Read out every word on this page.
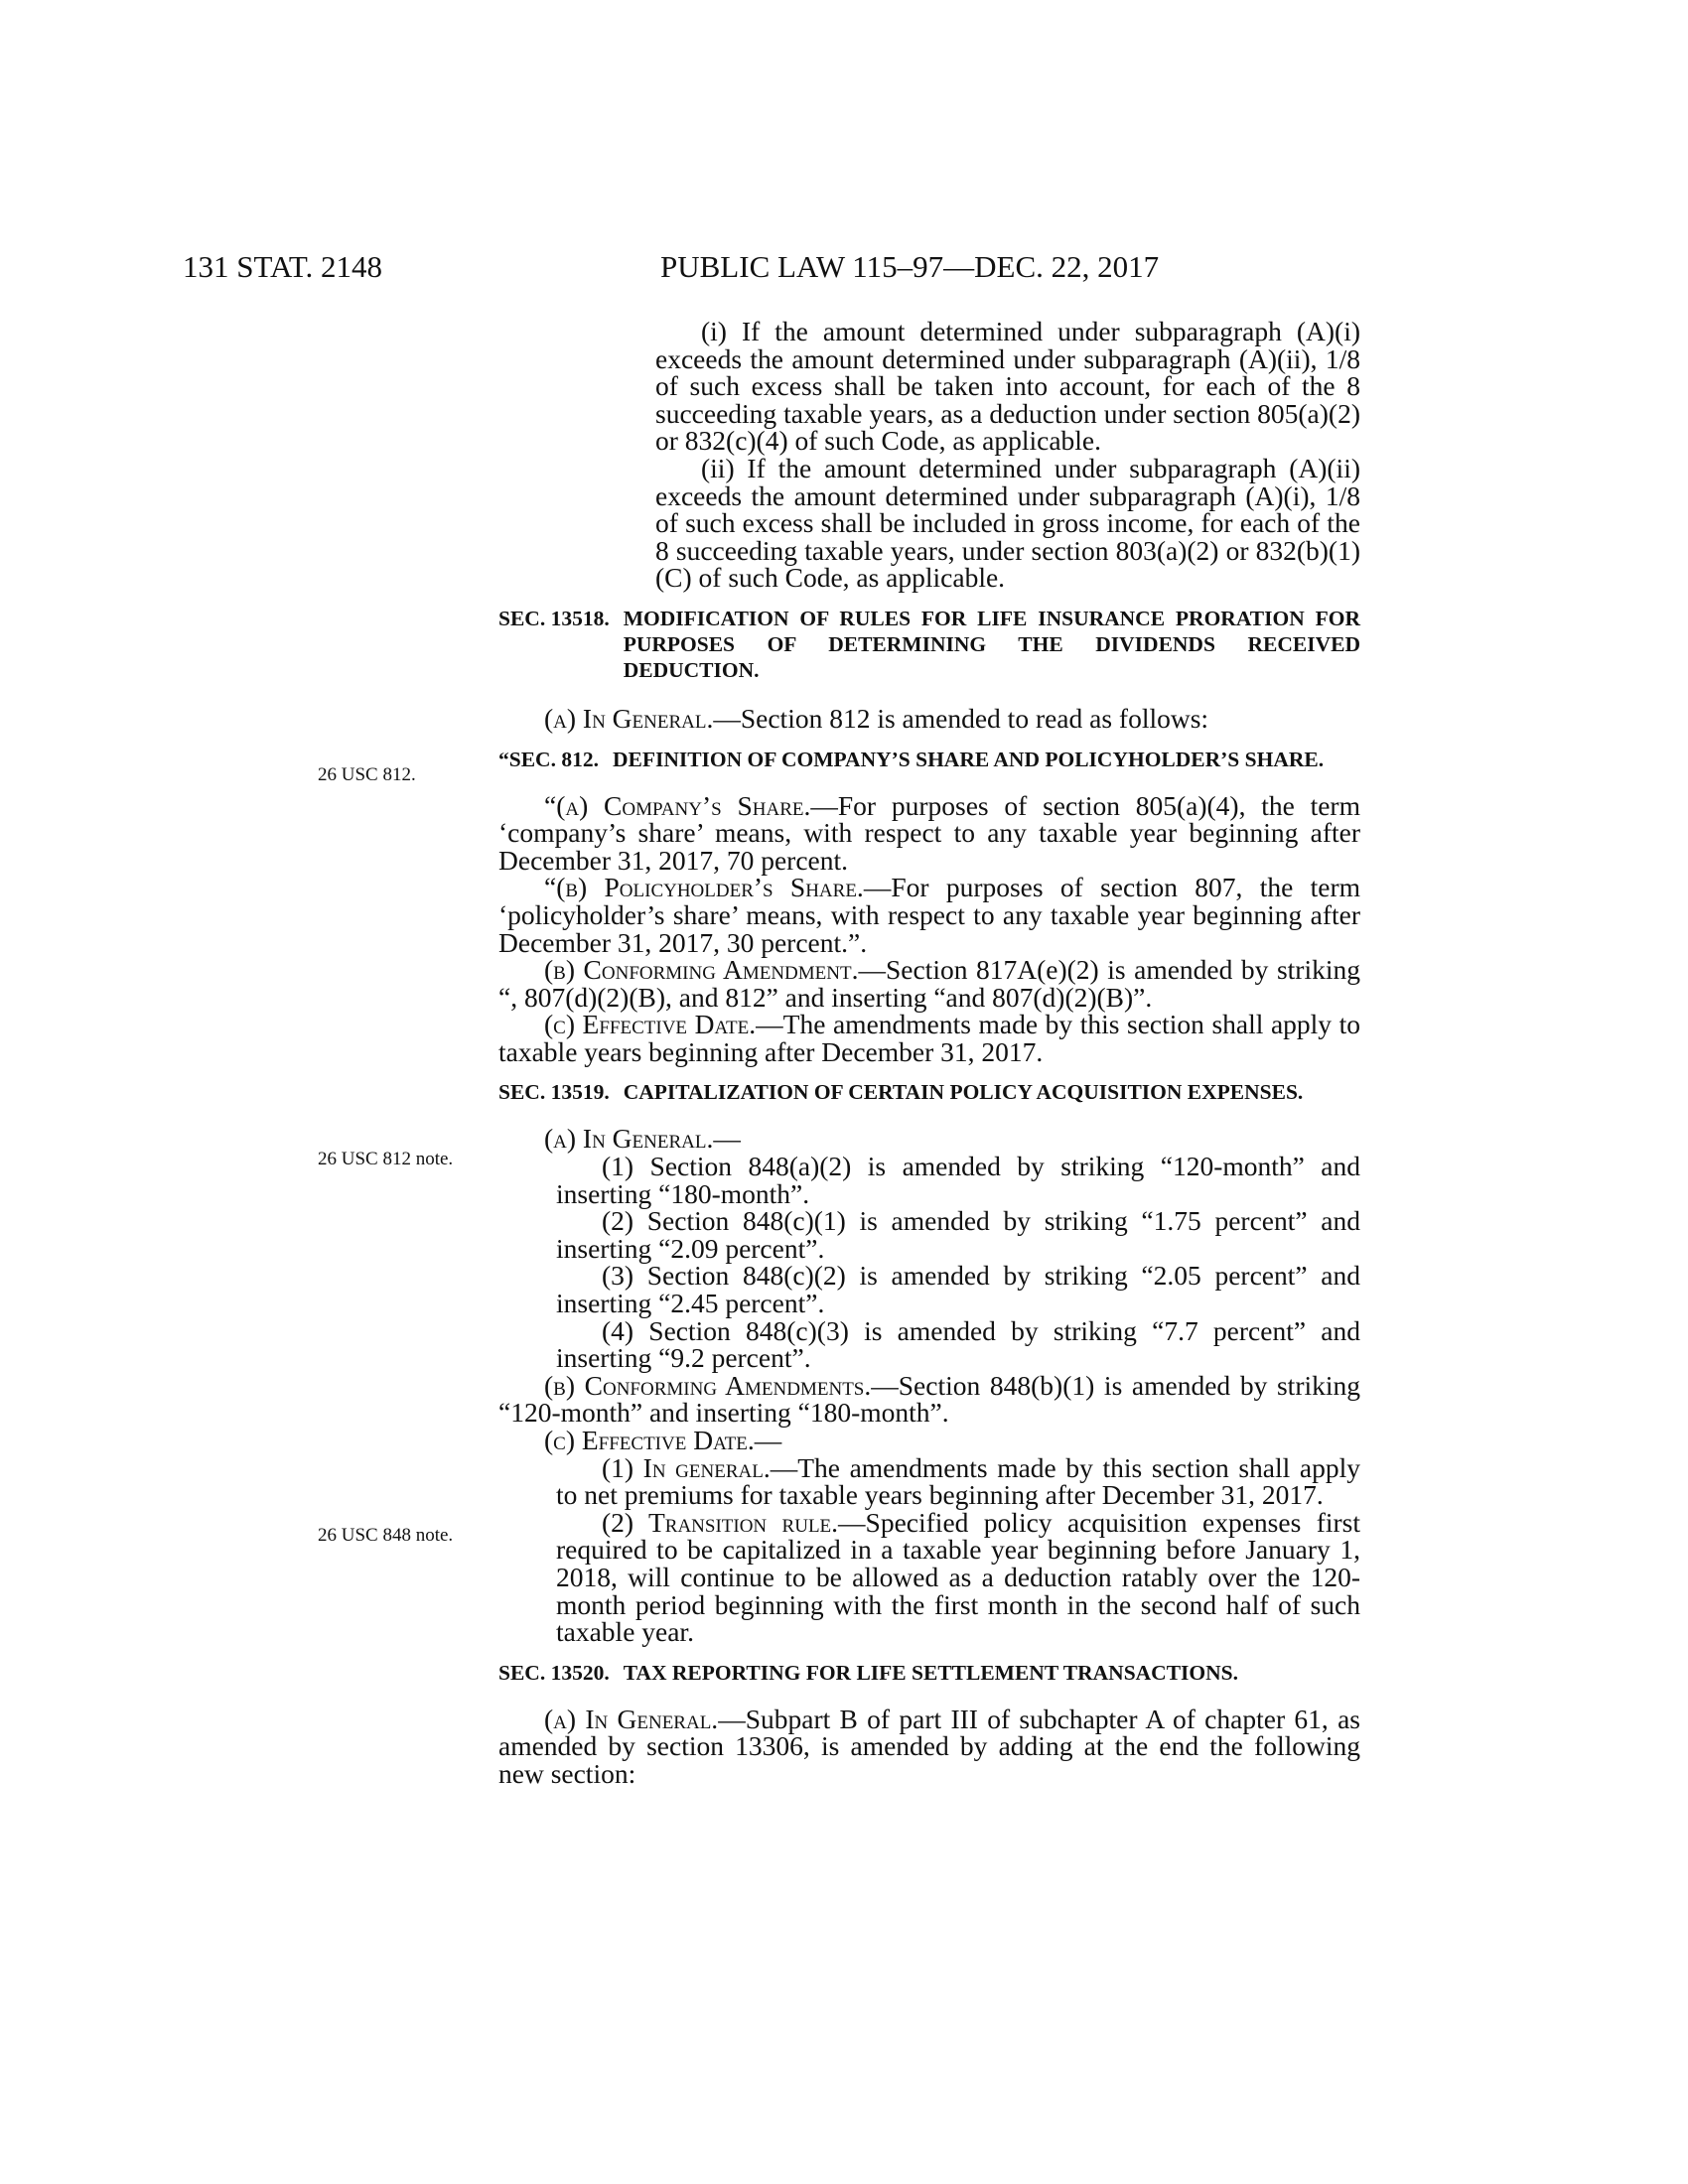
131 STAT. 2148	PUBLIC LAW 115–97—DEC. 22, 2017
26 USC 812.
26 USC 812 note.
26 USC 848 note.
(i) If the amount determined under subparagraph (A)(i) exceeds the amount determined under subparagraph (A)(ii), 1/8 of such excess shall be taken into account, for each of the 8 succeeding taxable years, as a deduction under section 805(a)(2) or 832(c)(4) of such Code, as applicable.
(ii) If the amount determined under subparagraph (A)(ii) exceeds the amount determined under subparagraph (A)(i), 1/8 of such excess shall be included in gross income, for each of the 8 succeeding taxable years, under section 803(a)(2) or 832(b)(1)(C) of such Code, as applicable.
SEC. 13518. MODIFICATION OF RULES FOR LIFE INSURANCE PRORATION FOR PURPOSES OF DETERMINING THE DIVIDENDS RECEIVED DEDUCTION.
(a) In General.—Section 812 is amended to read as follows:
“SEC. 812. DEFINITION OF COMPANY’S SHARE AND POLICYHOLDER’S SHARE.
“(a) Company’s Share.—For purposes of section 805(a)(4), the term ‘company’s share’ means, with respect to any taxable year beginning after December 31, 2017, 70 percent.
“(b) Policyholder’s Share.—For purposes of section 807, the term ‘policyholder’s share’ means, with respect to any taxable year beginning after December 31, 2017, 30 percent.”.
(b) Conforming Amendment.—Section 817A(e)(2) is amended by striking “, 807(d)(2)(B), and 812” and inserting “and 807(d)(2)(B)”.
(c) Effective Date.—The amendments made by this section shall apply to taxable years beginning after December 31, 2017.
SEC. 13519. CAPITALIZATION OF CERTAIN POLICY ACQUISITION EXPENSES.
(a) In General.—
(1) Section 848(a)(2) is amended by striking “120-month” and inserting “180-month”.
(2) Section 848(c)(1) is amended by striking “1.75 percent” and inserting “2.09 percent”.
(3) Section 848(c)(2) is amended by striking “2.05 percent” and inserting “2.45 percent”.
(4) Section 848(c)(3) is amended by striking “7.7 percent” and inserting “9.2 percent”.
(b) Conforming Amendments.—Section 848(b)(1) is amended by striking “120-month” and inserting “180-month”.
(c) Effective Date.—
(1) In general.—The amendments made by this section shall apply to net premiums for taxable years beginning after December 31, 2017.
(2) Transition rule.—Specified policy acquisition expenses first required to be capitalized in a taxable year beginning before January 1, 2018, will continue to be allowed as a deduction ratably over the 120-month period beginning with the first month in the second half of such taxable year.
SEC. 13520. TAX REPORTING FOR LIFE SETTLEMENT TRANSACTIONS.
(a) In General.—Subpart B of part III of subchapter A of chapter 61, as amended by section 13306, is amended by adding at the end the following new section:
